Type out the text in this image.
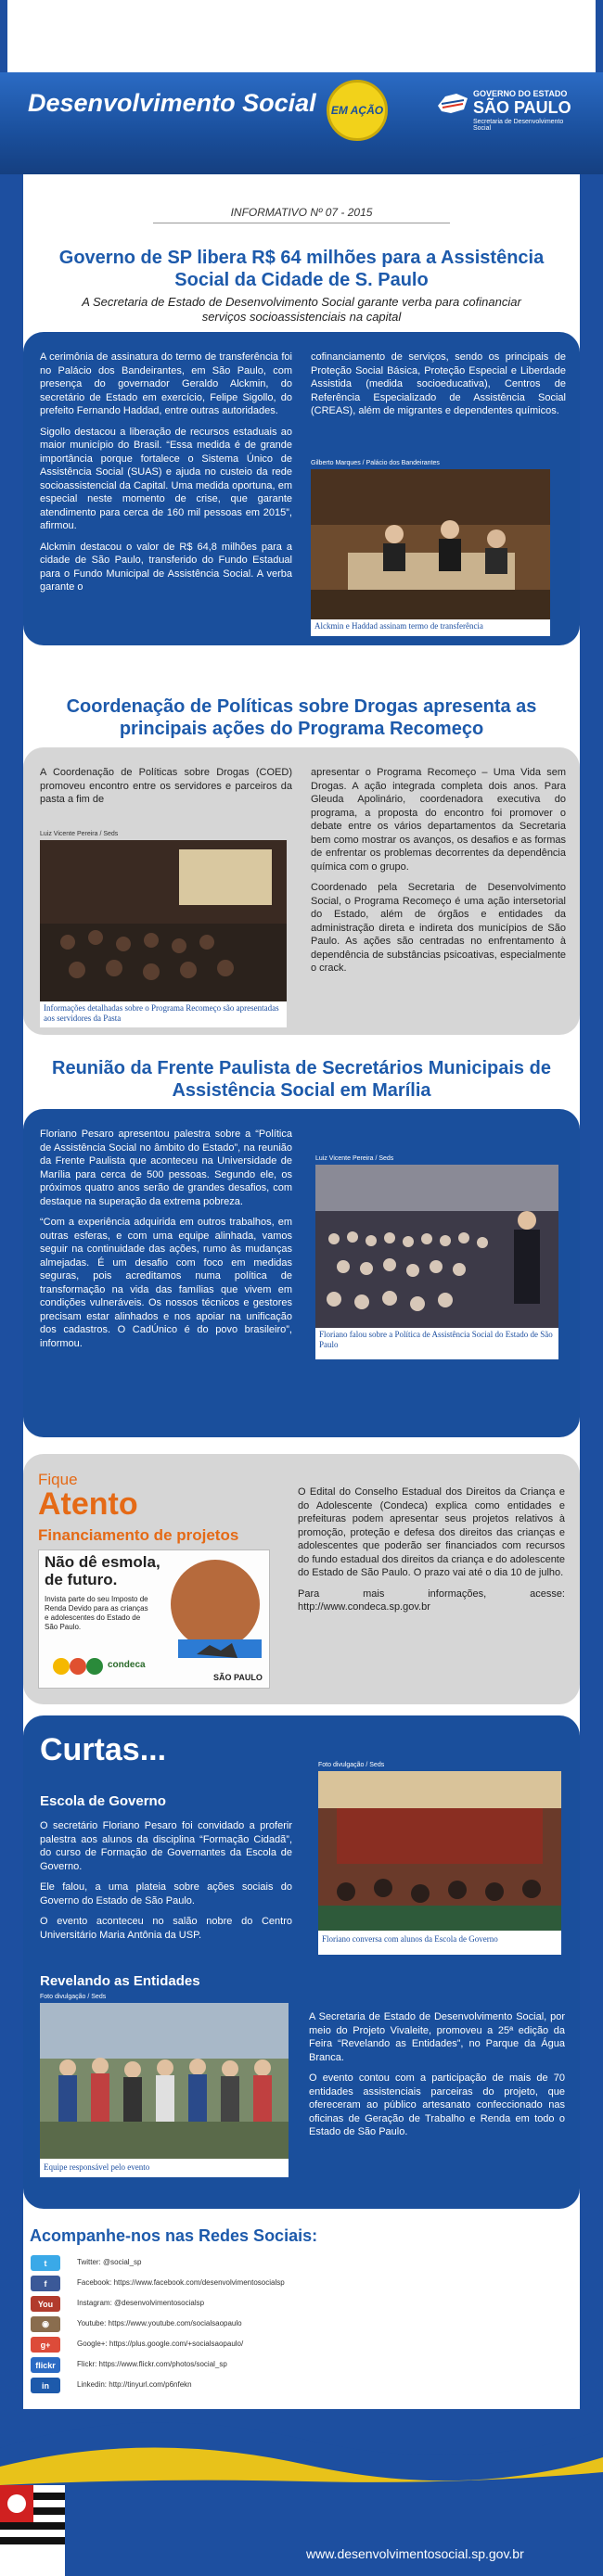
Desenvolvimento Social EM AÇÃO
GOVERNO DO ESTADO
SÃO PAULO
Secretaria de Desenvolvimento Social
INFORMATIVO Nº 07 - 2015
Governo de SP libera R$ 64 milhões para a Assistência Social da Cidade de S. Paulo
A Secretaria de Estado de Desenvolvimento Social garante verba para cofinanciar serviços socioassistenciais na capital

A cerimônia de assinatura do termo de transferência foi no Palácio dos Bandeirantes, em São Paulo, com presença do governador Geraldo Alckmin, do secretário de Estado em exercício, Felipe Sigollo, do prefeito Fernando Haddad, entre outras autoridades.

Sigollo destacou a liberação de recursos estaduais ao maior município do Brasil. “Essa medida é de grande importância porque fortalece o Sistema Único de Assistência Social (SUAS) e ajuda no custeio da rede socioassistencial da Capital. Uma medida oportuna, em especial neste momento de crise, que garante atendimento para cerca de 160 mil pessoas em 2015”, afirmou.

Alckmin destacou o valor de R$ 64,8 milhões para a cidade de São Paulo, transferido do Fundo Estadual para o Fundo Municipal de Assistência Social. A verba garante o

cofinanciamento de serviços, sendo os principais de Proteção Social Básica, Proteção Especial e Liberdade Assistida (medida socioeducativa), Centros de Referência Especializado de Assistência Social (CREAS), além de migrantes e dependentes químicos.

Gilberto Marques / Palácio dos Bandeirantes
Alckmin e Haddad assinam termo de transferência
Coordenação de Políticas sobre Drogas apresenta as principais ações do Programa Recomeço

A Coordenação de Políticas sobre Drogas (COED) promoveu encontro entre os servidores e parceiros da pasta a fim de

Luiz Vicente Pereira / Seds
Informações detalhadas sobre o Programa Recomeço são apresentadas aos servidores da Pasta

apresentar o Programa Recomeço – Uma Vida sem Drogas. A ação integrada completa dois anos. Para Gleuda Apolinário, coordenadora executiva do programa, a proposta do encontro foi promover o debate entre os vários departamentos da Secretaria bem como mostrar os avanços, os desafios e as formas de enfrentar os problemas decorrentes da dependência química com o grupo.

Coordenado pela Secretaria de Desenvolvimento Social, o Programa Recomeço é uma ação intersetorial do Estado, além de órgãos e entidades da administração direta e indireta dos municípios de São Paulo. As ações são centradas no enfrentamento à dependência de substâncias psicoativas, especialmente o crack.

Reunião da Frente Paulista de Secretários Municipais de Assistência Social em Marília

Floriano Pesaro apresentou palestra sobre a “Política de Assistência Social no âmbito do Estado”, na reunião da Frente Paulista que aconteceu na Universidade de Marília para cerca de 500 pessoas. Segundo ele, os próximos quatro anos serão de grandes desafios, com destaque na superação da extrema pobreza.

“Com a experiência adquirida em outros trabalhos, em outras esferas, e com uma equipe alinhada, vamos seguir na continuidade das ações, rumo às mudanças almejadas. É um desafio com foco em medidas seguras, pois acreditamos numa política de transformação na vida das famílias que vivem em condições vulneráveis. Os nossos técnicos e gestores precisam estar alinhados e nos apoiar na unificação dos cadastros. O CadÚnico é do povo brasileiro”, informou.

Luiz Vicente Pereira / Seds
Floriano falou sobre a Política de Assistência Social do Estado de São Paulo
Fique
Atento
Financiamento de projetos
Não dê esmola,
de futuro.
Invista parte do seu Imposto de Renda Devido para as crianças e adolescentes do Estado de São Paulo.
condeca
SÃO PAULO

O Edital do Conselho Estadual dos Direitos da Criança e do Adolescente (Condeca) explica como entidades e prefeituras podem apresentar seus projetos relativos à promoção, proteção e defesa dos direitos das crianças e adolescentes que poderão ser financiados com recursos do fundo estadual dos direitos da criança e do adolescente do Estado de São Paulo. O prazo vai até o dia 10 de julho.

Para mais informações, acesse: http://www.condeca.sp.gov.br

Curtas...
Escola de Governo

O secretário Floriano Pesaro foi convidado a proferir palestra aos alunos da disciplina “Formação Cidadã”, do curso de Formação de Governantes da Escola de Governo.

Ele falou, a uma plateia sobre ações sociais do Governo do Estado de São Paulo.

O evento aconteceu no salão nobre do Centro Universitário Maria Antônia da USP.

Foto divulgação / Seds
Floriano conversa com alunos da Escola de Governo
Revelando as Entidades
Foto divulgação / Seds
Equipe responsável pelo evento

A Secretaria de Estado de Desenvolvimento Social, por meio do Projeto Vivaleite, promoveu a 25ª edição da Feira “Revelando as Entidades”, no Parque da Água Branca.

O evento contou com a participação de mais de 70 entidades assistenciais parceiras do projeto, que ofereceram ao público artesanato confeccionado nas oficinas de Geração de Trabalho e Renda em todo o Estado de São Paulo.

Acompanhe-nos nas Redes Sociais:
t	Twitter: @social_sp
f	Facebook: https://www.facebook.com/desenvolvimentosocialsp
You	Instagram: @desenvolvimentosocialsp
◉	Youtube: https://www.youtube.com/socialsaopaulo
g+	Google+: https://plus.google.com/+socialsaopaulo/
flickr	Flickr: https://www.flickr.com/photos/social_sp
in	Linkedin: http://tinyurl.com/p6nfekn
www.desenvolvimentosocial.sp.gov.br
